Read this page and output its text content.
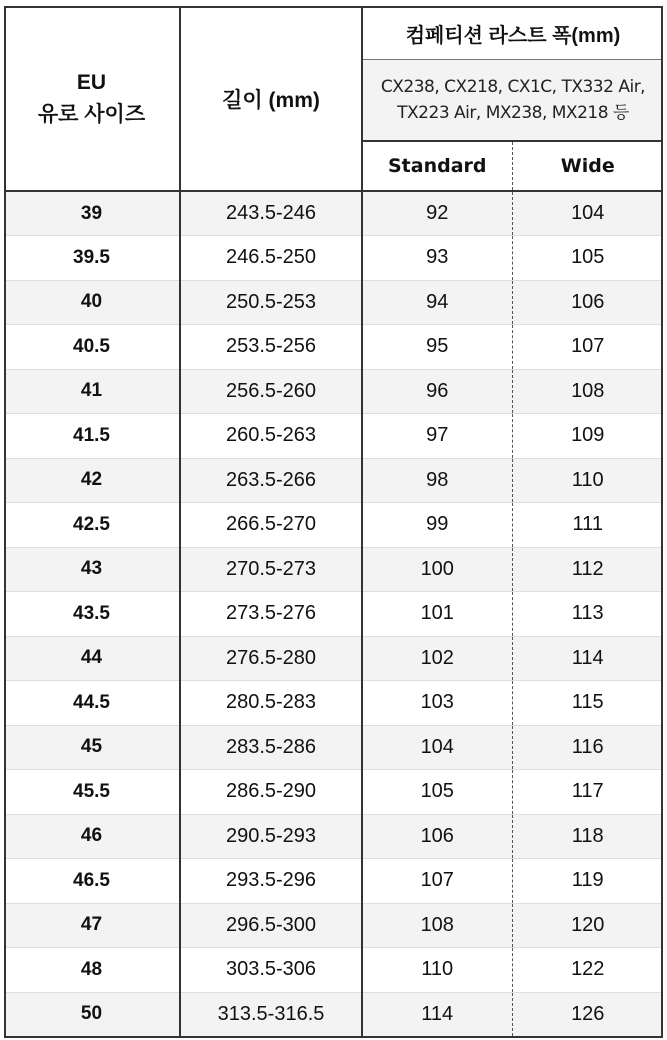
EU
유로 사이즈	길이 (mm)	컴페티션 라스트 폭(mm)	

		CX238, CX218, CX1C, TX332 Air,
TX223 Air, MX238, MX218 등	

		Standard	Wide
39	243.5-246	92	104
39.5	246.5-250	93	105
40	250.5-253	94	106
40.5	253.5-256	95	107
41	256.5-260	96	108
41.5	260.5-263	97	109
42	263.5-266	98	110
42.5	266.5-270	99	111
43	270.5-273	100	112
43.5	273.5-276	101	113
44	276.5-280	102	114
44.5	280.5-283	103	115
45	283.5-286	104	116
45.5	286.5-290	105	117
46	290.5-293	106	118
46.5	293.5-296	107	119
47	296.5-300	108	120
48	303.5-306	110	122
50	313.5-316.5	114	126
